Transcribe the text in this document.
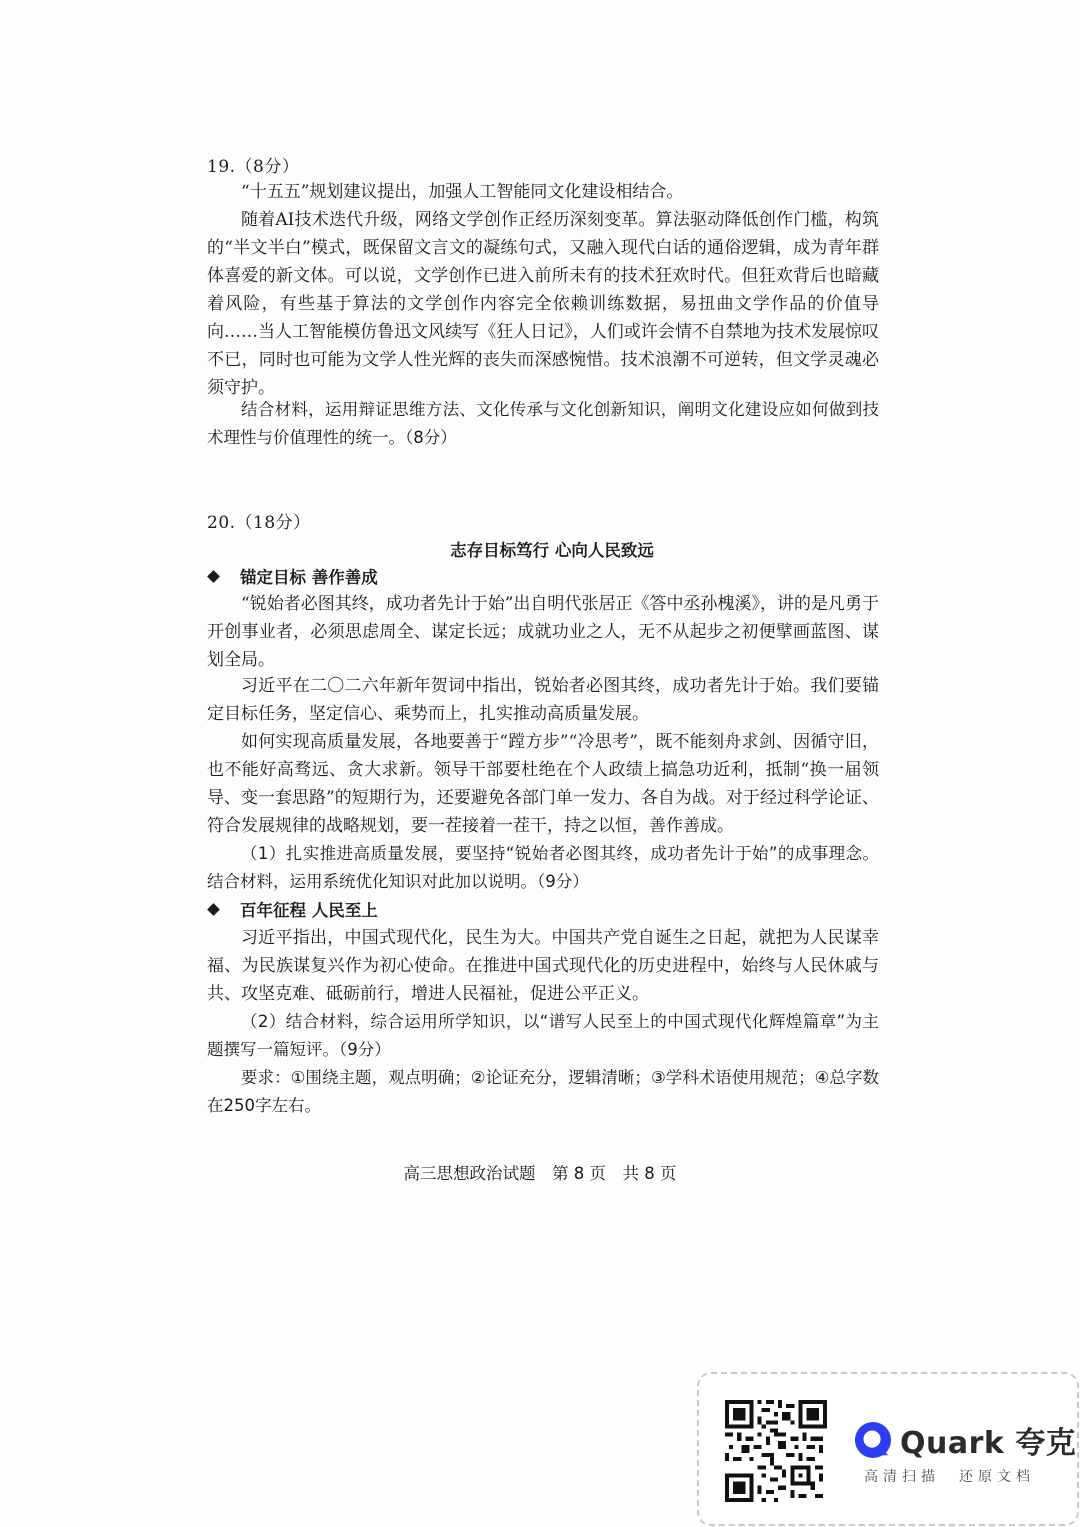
19.（8分）
“十五五”规划建议提出，加强人工智能同文化建设相结合。
随着AI技术迭代升级，网络文学创作正经历深刻变革。算法驱动降低创作门槛，构筑的“半文半白”模式，既保留文言文的凝练句式，又融入现代白话的通俗逻辑，成为青年群体喜爱的新文体。可以说，文学创作已进入前所未有的技术狂欢时代。但狂欢背后也暗藏着风险，有些基于算法的文学创作内容完全依赖训练数据，易扭曲文学作品的价值导向……当人工智能模仿鲁迅文风续写《狂人日记》，人们或许会情不自禁地为技术发展惊叹不已，同时也可能为文学人性光辉的丧失而深感惋惜。技术浪潮不可逆转，但文学灵魂必须守护。
结合材料，运用辩证思维方法、文化传承与文化创新知识，阐明文化建设应如何做到技术理性与价值理性的统一。（8分）
20.（18分）
志存目标笃行 心向人民致远
锚定目标 善作善成
“锐始者必图其终，成功者先计于始”出自明代张居正《答中丞孙槐溪》，讲的是凡勇于开创事业者，必须思虑周全、谋定长远；成就功业之人，无不从起步之初便擘画蓝图、谋划全局。
习近平在二〇二六年新年贺词中指出，锐始者必图其终，成功者先计于始。我们要锚定目标任务，坚定信心、乘势而上，扎实推动高质量发展。
如何实现高质量发展，各地要善于“蹚方步”“冷思考”，既不能刻舟求剑、因循守旧，也不能好高骛远、贪大求新。领导干部要杜绝在个人政绩上搞急功近利，抵制“换一届领导、变一套思路”的短期行为，还要避免各部门单一发力、各自为战。对于经过科学论证、符合发展规律的战略规划，要一茬接着一茬干，持之以恒，善作善成。
（1）扎实推进高质量发展，要坚持“锐始者必图其终，成功者先计于始”的成事理念。结合材料，运用系统优化知识对此加以说明。（9分）
百年征程 人民至上
习近平指出，中国式现代化，民生为大。中国共产党自诞生之日起，就把为人民谋幸福、为民族谋复兴作为初心使命。在推进中国式现代化的历史进程中，始终与人民休戚与共、攻坚克难、砥砺前行，增进人民福祉，促进公平正义。
（2）结合材料，综合运用所学知识，以“谱写人民至上的中国式现代化辉煌篇章”为主题撰写一篇短评。（9分）
要求：①围绕主题，观点明确；②论证充分，逻辑清晰；③学科术语使用规范；④总字数在250字左右。
高三思想政治试题　第 8 页　共 8 页
Quark 夸克
高清扫描　还原文档
